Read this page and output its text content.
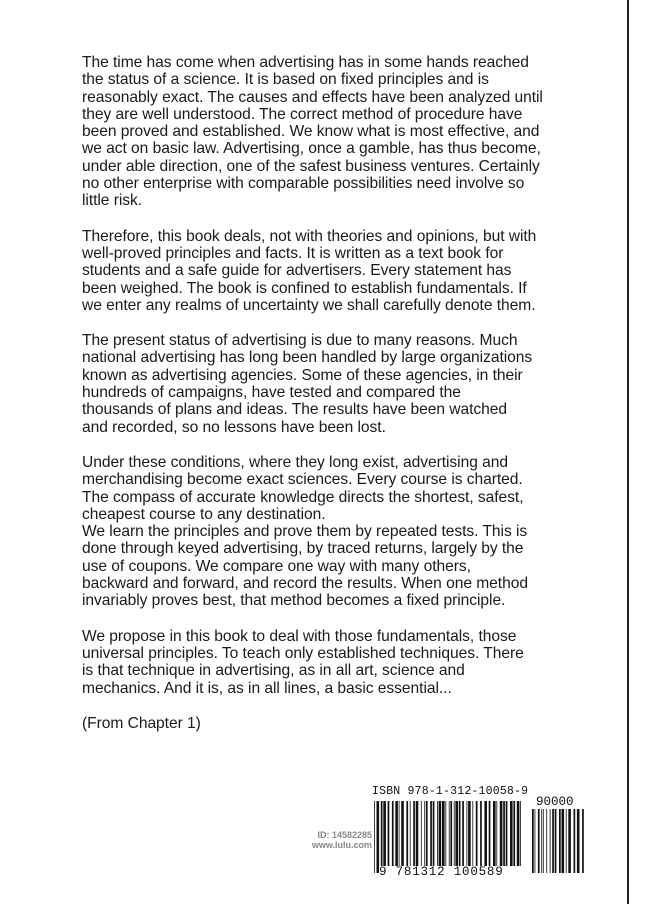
The time has come when advertising has in some hands reached
the status of a science. It is based on fixed principles and is
reasonably exact. The causes and effects have been analyzed until
they are well understood. The correct method of procedure have
been proved and established. We know what is most effective, and
we act on basic law. Advertising, once a gamble, has thus become,
under able direction, one of the safest business ventures. Certainly
no other enterprise with comparable possibilities need involve so
little risk.

Therefore, this book deals, not with theories and opinions, but with
well-proved principles and facts. It is written as a text book for
students and a safe guide for advertisers. Every statement has
been weighed. The book is confined to establish fundamentals. If
we enter any realms of uncertainty we shall carefully denote them.

The present status of advertising is due to many reasons. Much
national advertising has long been handled by large organizations
known as advertising agencies. Some of these agencies, in their
hundreds of campaigns, have tested and compared the
thousands of plans and ideas. The results have been watched
and recorded, so no lessons have been lost.

Under these conditions, where they long exist, advertising and
merchandising become exact sciences. Every course is charted.
The compass of accurate knowledge directs the shortest, safest,
cheapest course to any destination.

We learn the principles and prove them by repeated tests. This is
done through keyed advertising, by traced returns, largely by the
use of coupons. We compare one way with many others,
backward and forward, and record the results. When one method
invariably proves best, that method becomes a fixed principle.

We propose in this book to deal with those fundamentals, those
universal principles. To teach only established techniques. There
is that technique in advertising, as in all art, science and
mechanics. And it is, as in all lines, a basic essential...

(From Chapter 1)

ID: 14582285
www.lulu.com
ISBN 978-1-312-10058-9
90000
9 781312 100589
